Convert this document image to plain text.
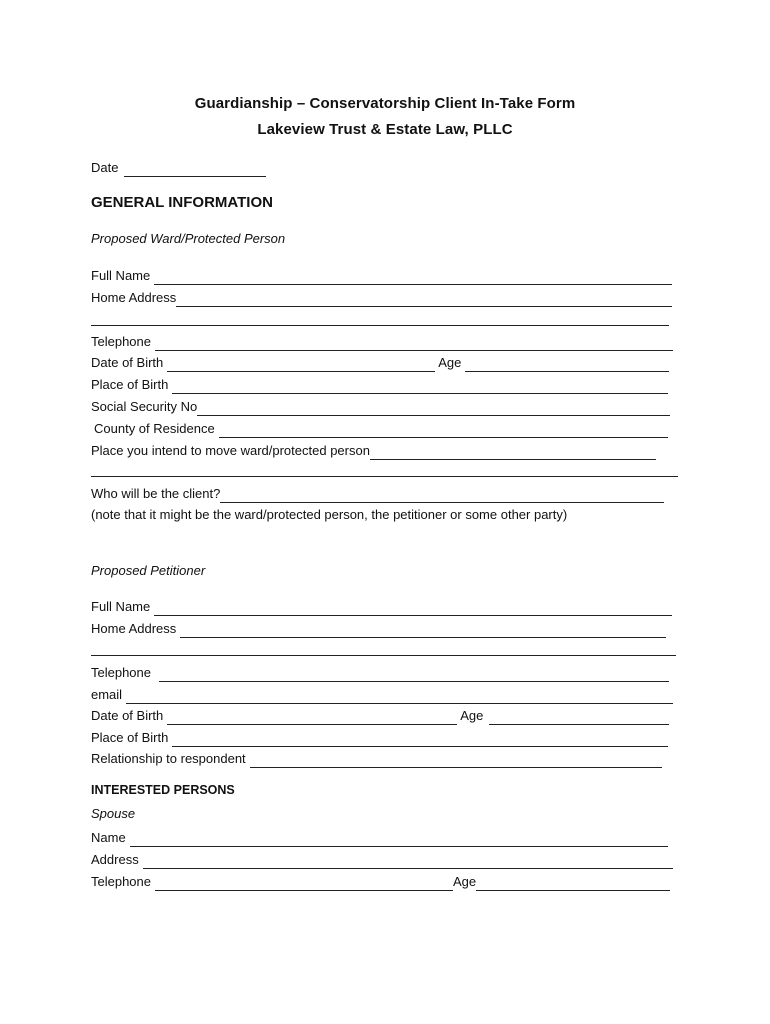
Guardianship – Conservatorship Client In-Take Form
Lakeview Trust & Estate Law, PLLC
Date
GENERAL INFORMATION
Proposed Ward/Protected Person
Full Name
Home Address
Telephone
Date of Birth	Age
Place of Birth
Social Security No
County of Residence
Place you intend to move ward/protected person
Who will be the client?
(note that it might be the ward/protected person, the petitioner or some other party)
Proposed Petitioner
Full Name
Home Address
Telephone
email
Date of Birth	Age
Place of Birth
Relationship to respondent
INTERESTED PERSONS
Spouse
Name
Address
Telephone	Age
